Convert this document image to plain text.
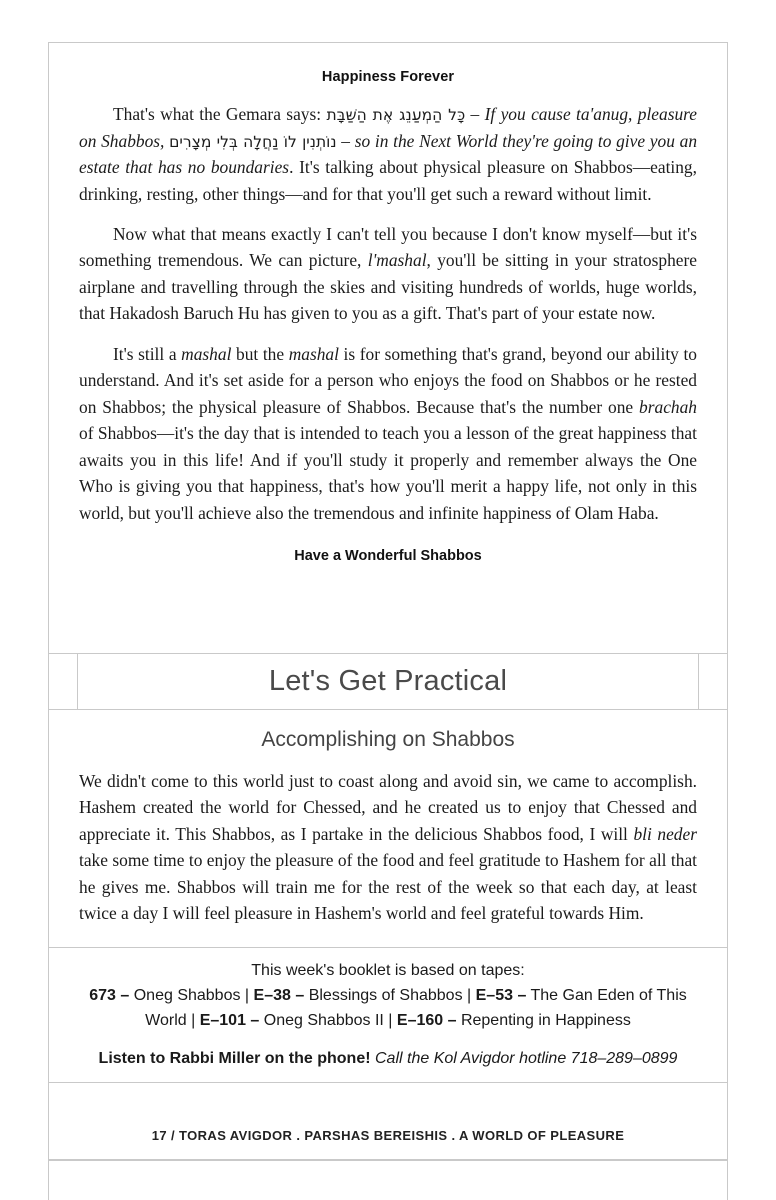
Happiness Forever

That's what the Gemara says: כָּל הַמְעַנֵג אֶת הַשַּׁבָּת – If you cause ta'anug, pleasure on Shabbos, נוֹתְנִין לוֹ נַחֲלָה בְּלִי מְצָרִים – so in the Next World they're going to give you an estate that has no boundaries. It's talking about physical pleasure on Shabbos—eating, drinking, resting, other things—and for that you'll get such a reward without limit.

Now what that means exactly I can't tell you because I don't know myself—but it's something tremendous. We can picture, l'mashal, you'll be sitting in your stratosphere airplane and travelling through the skies and visiting hundreds of worlds, huge worlds, that Hakadosh Baruch Hu has given to you as a gift. That's part of your estate now.

It's still a mashal but the mashal is for something that's grand, beyond our ability to understand. And it's set aside for a person who enjoys the food on Shabbos or he rested on Shabbos; the physical pleasure of Shabbos. Because that's the number one brachah of Shabbos—it's the day that is intended to teach you a lesson of the great happiness that awaits you in this life! And if you'll study it properly and remember always the One Who is giving you that happiness, that's how you'll merit a happy life, not only in this world, but you'll achieve also the tremendous and infinite happiness of Olam Haba.

Have a Wonderful Shabbos
Let's Get Practical
Accomplishing on Shabbos

We didn't come to this world just to coast along and avoid sin, we came to accomplish. Hashem created the world for Chessed, and he created us to enjoy that Chessed and appreciate it. This Shabbos, as I partake in the delicious Shabbos food, I will bli neder take some time to enjoy the pleasure of the food and feel gratitude to Hashem for all that he gives me. Shabbos will train me for the rest of the week so that each day, at least twice a day I will feel pleasure in Hashem's world and feel grateful towards Him.

This week's booklet is based on tapes:
673 – Oneg Shabbos | E–38 – Blessings of Shabbos | E–53 – The Gan Eden of This World | E–101 – Oneg Shabbos II | E–160 – Repenting in Happiness
Listen to Rabbi Miller on the phone! Call the Kol Avigdor hotline 718–289–0899
17 / TORAS AVIGDOR . PARSHAS BEREISHIS . A WORLD OF PLEASURE
